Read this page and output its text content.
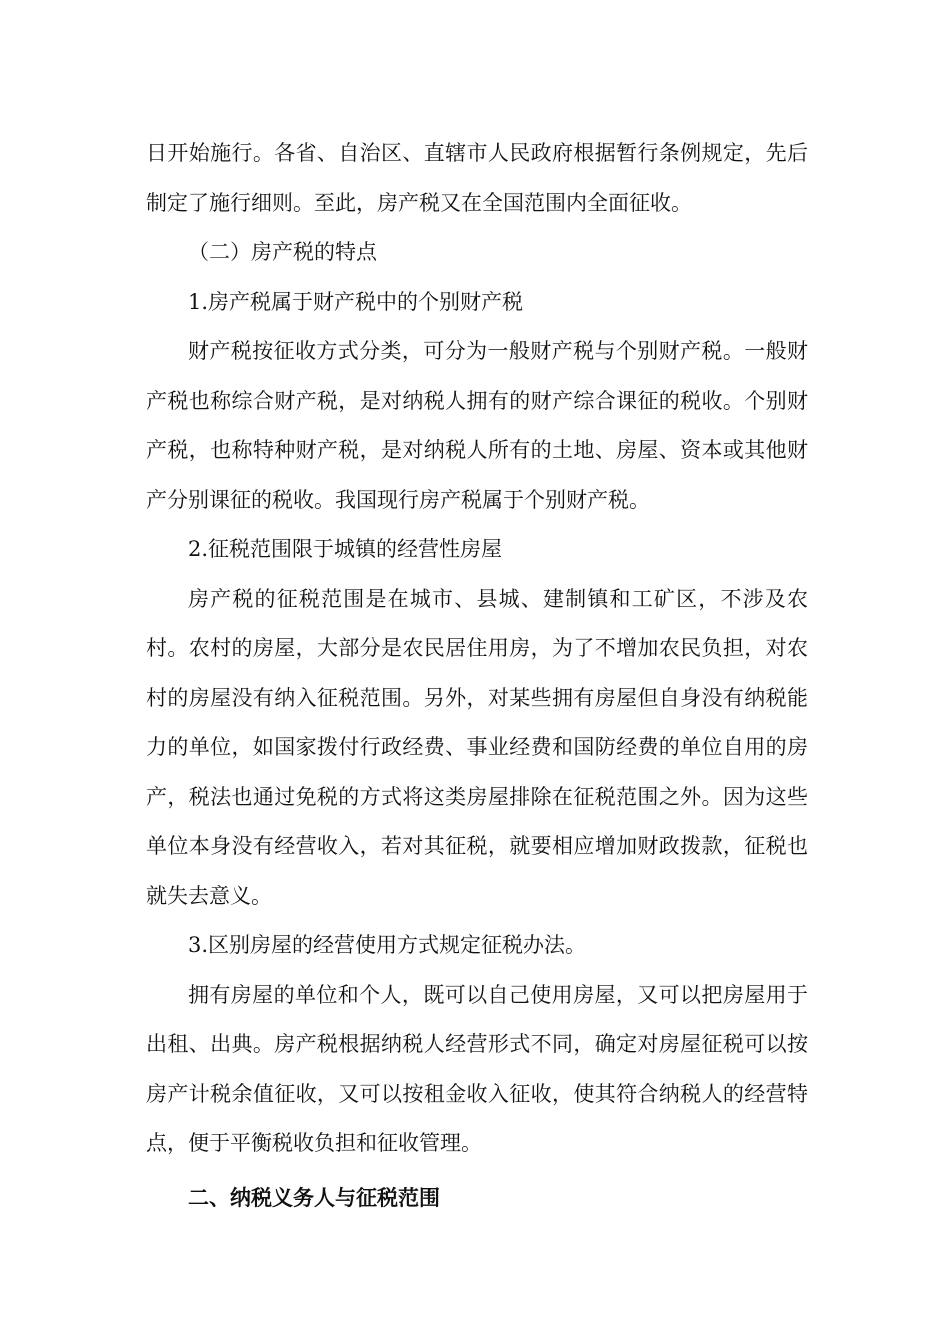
日开始施行。各省、自治区、直辖市人民政府根据暂行条例规定，先后制定了施行细则。至此，房产税又在全国范围内全面征收。

（二）房产税的特点

1.房产税属于财产税中的个别财产税

财产税按征收方式分类，可分为一般财产税与个别财产税。一般财产税也称综合财产税，是对纳税人拥有的财产综合课征的税收。个别财产税，也称特种财产税，是对纳税人所有的土地、房屋、资本或其他财产分别课征的税收。我国现行房产税属于个别财产税。

2.征税范围限于城镇的经营性房屋

房产税的征税范围是在城市、县城、建制镇和工矿区，不涉及农村。农村的房屋，大部分是农民居住用房，为了不增加农民负担，对农村的房屋没有纳入征税范围。另外，对某些拥有房屋但自身没有纳税能力的单位，如国家拨付行政经费、事业经费和国防经费的单位自用的房产，税法也通过免税的方式将这类房屋排除在征税范围之外。因为这些单位本身没有经营收入，若对其征税，就要相应增加财政拨款，征税也就失去意义。

3.区别房屋的经营使用方式规定征税办法。

拥有房屋的单位和个人，既可以自己使用房屋，又可以把房屋用于出租、出典。房产税根据纳税人经营形式不同，确定对房屋征税可以按房产计税余值征收，又可以按租金收入征收，使其符合纳税人的经营特点，便于平衡税收负担和征收管理。

二、纳税义务人与征税范围
